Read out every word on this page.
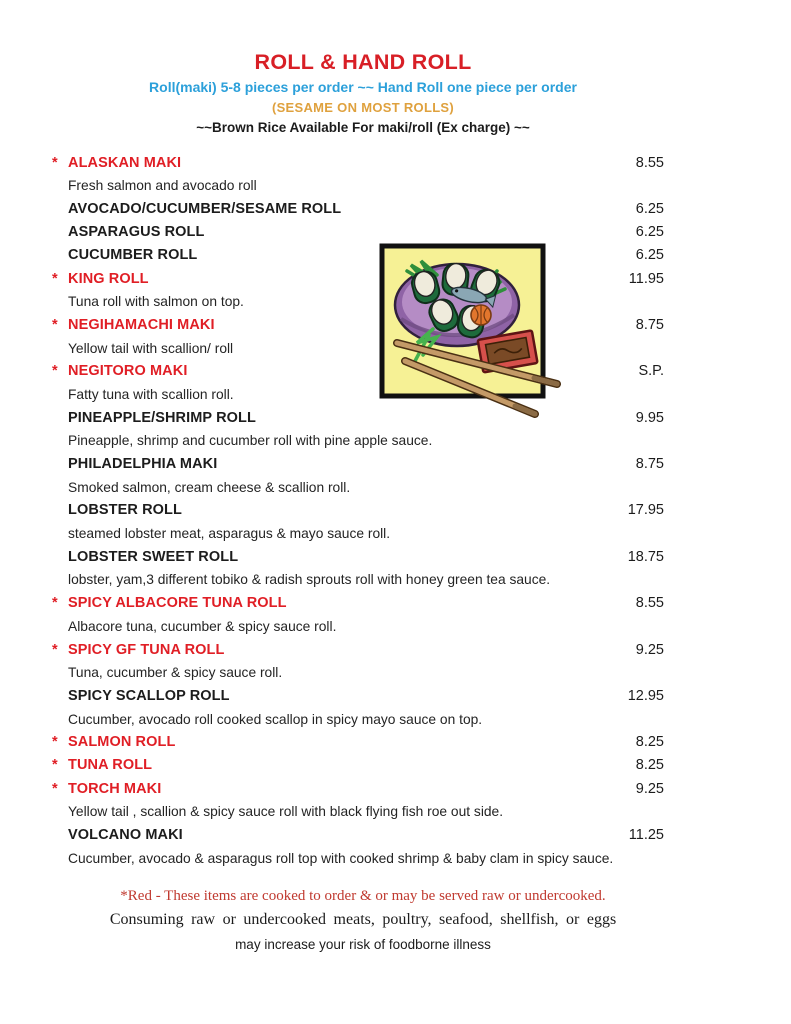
ROLL & HAND ROLL
Roll(maki) 5-8 pieces per order ~~ Hand Roll one piece per order
(SESAME ON MOST ROLLS)
~~Brown Rice Available For maki/roll (Ex charge) ~~
* ALASKAN MAKI	8.55
Fresh salmon and avocado roll
AVOCADO/CUCUMBER/SESAME ROLL	6.25
ASPARAGUS ROLL	6.25
CUCUMBER ROLL	6.25
* KING ROLL	11.95
Tuna roll with salmon on top.
* NEGIHAMACHI MAKI	8.75
Yellow tail with scallion/ roll
* NEGITORO MAKI	S.P.
Fatty tuna with scallion roll.
PINEAPPLE/SHRIMP ROLL	9.95
Pineapple, shrimp and cucumber roll with pine apple sauce.
PHILADELPHIA MAKI	8.75
Smoked salmon, cream cheese & scallion roll.
LOBSTER ROLL	17.95
steamed lobster meat, asparagus & mayo sauce roll.
LOBSTER SWEET ROLL	18.75
lobster, yam,3 different tobiko & radish sprouts roll with honey green tea sauce.
* SPICY ALBACORE TUNA ROLL	8.55
Albacore tuna, cucumber & spicy sauce roll.
* SPICY GF TUNA ROLL	9.25
Tuna, cucumber & spicy sauce roll.
SPICY SCALLOP ROLL	12.95
Cucumber, avocado roll cooked scallop in spicy mayo sauce on top.
* SALMON ROLL	8.25
* TUNA ROLL	8.25
* TORCH MAKI	9.25
Yellow tail , scallion & spicy sauce roll with black flying fish roe out side.
VOLCANO MAKI	11.25
Cucumber, avocado & asparagus roll top with cooked shrimp & baby clam in spicy sauce.
*Red - These items are cooked to order & or may be served raw or undercooked.
Consuming raw or undercooked meats, poultry, seafood, shellfish, or eggs
may increase your risk of foodborne illness
